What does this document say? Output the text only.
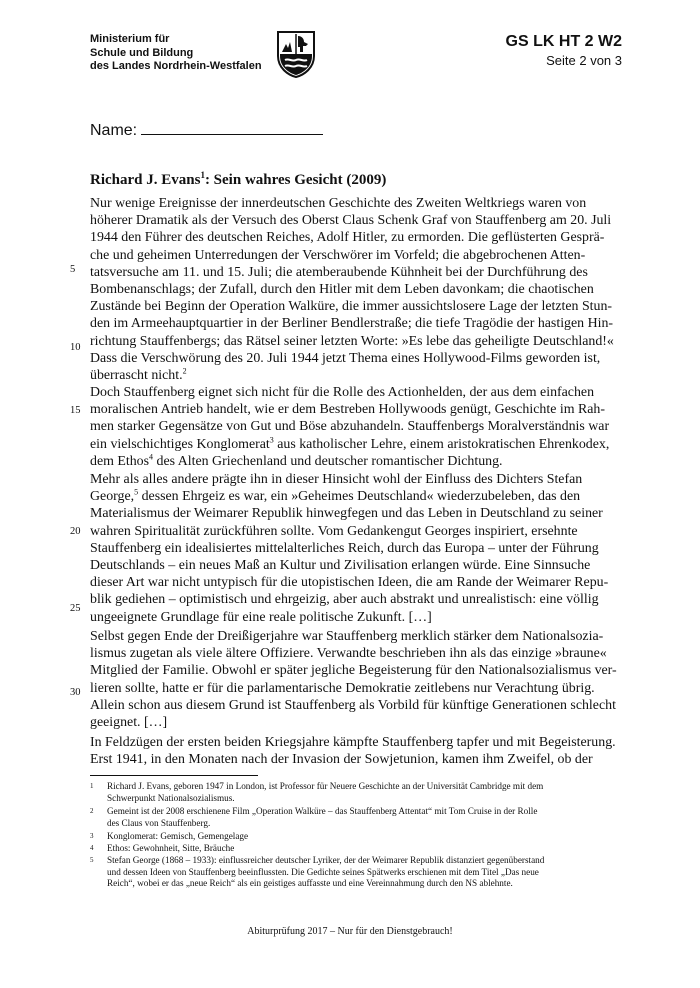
Ministerium für
Schule und Bildung
des Landes Nordrhein-Westfalen
GS LK HT 2 W2
Seite 2 von 3
Name:
Richard J. Evans$^1$: Sein wahres Gesicht (2009)
5
10
15
20
25
30
Nur wenige Ereignisse der innerdeutschen Geschichte des Zweiten Weltkriegs waren von
höherer Dramatik als der Versuch des Oberst Claus Schenk Graf von Stauffenberg am 20. Juli
1944 den Führer des deutschen Reiches, Adolf Hitler, zu ermorden. Die geflüsterten Gesprä-
che und geheimen Unterredungen der Verschwörer im Vorfeld; die abgebrochenen Atten-
tatsversuche am 11. und 15. Juli; die atemberaubende Kühnheit bei der Durchführung des
Bombenanschlags; der Zufall, durch den Hitler mit dem Leben davonkam; die chaotischen
Zustände bei Beginn der Operation Walküre, die immer aussichtslosere Lage der letzten Stun-
den im Armeehauptquartier in der Berliner Bendlerstraße; die tiefe Tragödie der hastigen Hin-
richtung Stauffenbergs; das Rätsel seiner letzten Worte: »Es lebe das geheiligte Deutschland!«
Dass die Verschwörung des 20. Juli 1944 jetzt Thema eines Hollywood-Films geworden ist,
überrascht nicht.$^2$
Doch Stauffenberg eignet sich nicht für die Rolle des Actionhelden, der aus dem einfachen
moralischen Antrieb handelt, wie er dem Bestreben Hollywoods genügt, Geschichte im Rah-
men starker Gegensätze von Gut und Böse abzuhandeln. Stauffenbergs Moralverständnis war
ein vielschichtiges Konglomerat$^3$ aus katholischer Lehre, einem aristokratischen Ehrenkodex,
dem Ethos$^4$ des Alten Griechenland und deutscher romantischer Dichtung.
Mehr als alles andere prägte ihn in dieser Hinsicht wohl der Einfluss des Dichters Stefan
George,$^5$ dessen Ehrgeiz es war, ein »Geheimes Deutschland« wiederzubeleben, das den
Materialismus der Weimarer Republik hinwegfegen und das Leben in Deutschland zu seiner
wahren Spiritualität zurückführen sollte. Vom Gedankengut Georges inspiriert, ersehnte
Stauffenberg ein idealisiertes mittelalterliches Reich, durch das Europa – unter der Führung
Deutschlands – ein neues Maß an Kultur und Zivilisation erlangen würde. Eine Sinnsuche
dieser Art war nicht untypisch für die utopistischen Ideen, die am Rande der Weimarer Repu-
blik gediehen – optimistisch und ehrgeizig, aber auch abstrakt und unrealistisch: eine völlig
ungeeignete Grundlage für eine reale politische Zukunft. […]
Selbst gegen Ende der Dreißigerjahre war Stauffenberg merklich stärker dem Nationalsozia-
lismus zugetan als viele ältere Offiziere. Verwandte beschrieben ihn als das einzige »braune«
Mitglied der Familie. Obwohl er später jegliche Begeisterung für den Nationalsozialismus ver-
lieren sollte, hatte er für die parlamentarische Demokratie zeitlebens nur Verachtung übrig.
Allein schon aus diesem Grund ist Stauffenberg als Vorbild für künftige Generationen schlecht
geeignet. […]
In Feldzügen der ersten beiden Kriegsjahre kämpfte Stauffenberg tapfer und mit Begeisterung.
Erst 1941, in den Monaten nach der Invasion der Sowjetunion, kamen ihm Zweifel, ob der
1 Richard J. Evans, geboren 1947 in London, ist Professor für Neuere Geschichte an der Universität Cambridge mit dem
Schwerpunkt Nationalsozialismus.
2 Gemeint ist der 2008 erschienene Film „Operation Walküre – das Stauffenberg Attentat“ mit Tom Cruise in der Rolle
des Claus von Stauffenberg.
3 Konglomerat: Gemisch, Gemengelage
4 Ethos: Gewohnheit, Sitte, Bräuche
5 Stefan George (1868 – 1933): einflussreicher deutscher Lyriker, der der Weimarer Republik distanziert gegenüberstand
und dessen Ideen von Stauffenberg beeinflussten. Die Gedichte seines Spätwerks erschienen mit dem Titel „Das neue
Reich“, wobei er das „neue Reich“ als ein geistiges auffasste und eine Vereinnahmung durch den NS ablehnte.
Abiturprüfung 2017 – Nur für den Dienstgebrauch!
